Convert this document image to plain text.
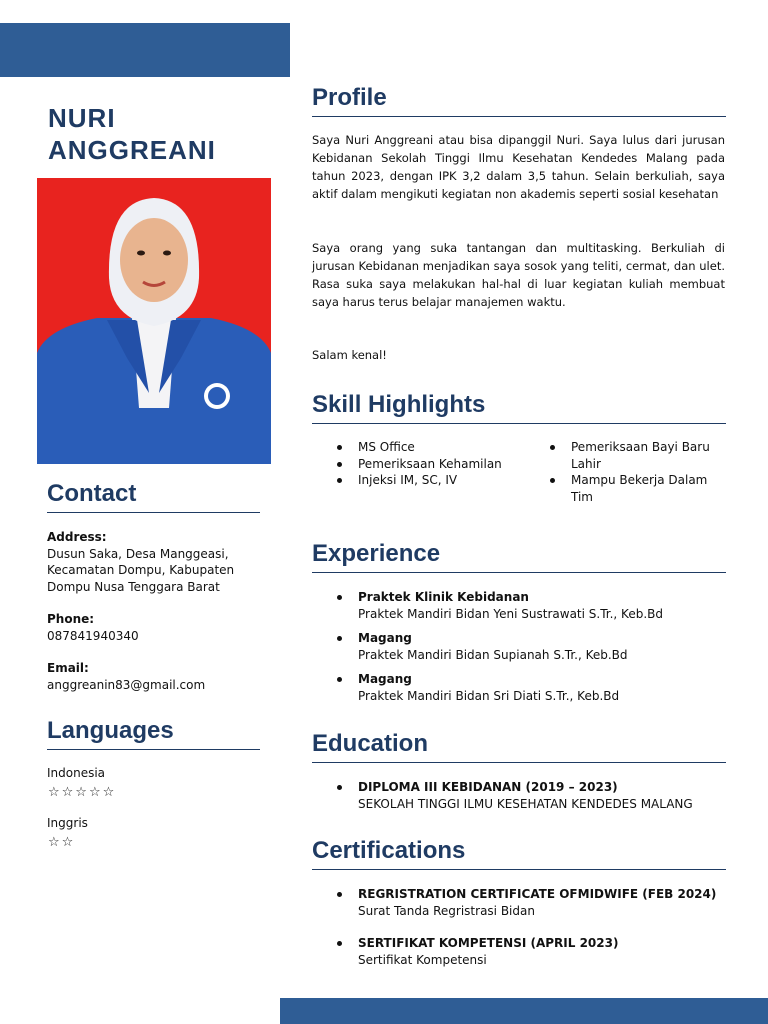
NURI
ANGGREANI
Contact
Address:
Dusun Saka, Desa Manggeasi,
Kecamatan Dompu, Kabupaten
Dompu Nusa Tenggara Barat
Phone:
087841940340
Email:
anggreanin83@gmail.com
Languages
Indonesia
☆☆☆☆☆
Inggris
☆☆
Profile
Saya Nuri Anggreani atau bisa dipanggil Nuri. Saya lulus dari jurusan Kebidanan Sekolah Tinggi Ilmu Kesehatan Kendedes Malang pada tahun 2023, dengan IPK 3,2 dalam 3,5 tahun. Selain berkuliah, saya aktif dalam mengikuti kegiatan non akademis seperti sosial kesehatan
Saya orang yang suka tantangan dan multitasking. Berkuliah di jurusan Kebidanan menjadikan saya sosok yang teliti, cermat, dan ulet. Rasa suka saya melakukan hal-hal di luar kegiatan kuliah membuat saya harus terus belajar manajemen waktu.
Salam kenal!
Skill Highlights
MS Office
Pemeriksaan Kehamilan
Injeksi IM, SC, IV
Pemeriksaan Bayi Baru Lahir
Mampu Bekerja Dalam Tim
Experience
Praktek Klinik Kebidanan
Praktek Mandiri Bidan Yeni Sustrawati S.Tr., Keb.Bd
Magang
Praktek Mandiri Bidan Supianah S.Tr., Keb.Bd
Magang
Praktek Mandiri Bidan Sri Diati S.Tr., Keb.Bd
Education
DIPLOMA III KEBIDANAN (2019 – 2023)
SEKOLAH TINGGI ILMU KESEHATAN KENDEDES MALANG
Certifications
REGRISTRATION CERTIFICATE OFMIDWIFE (FEB 2024)
Surat Tanda Regristrasi Bidan
SERTIFIKAT KOMPETENSI (APRIL 2023)
Sertifikat Kompetensi
